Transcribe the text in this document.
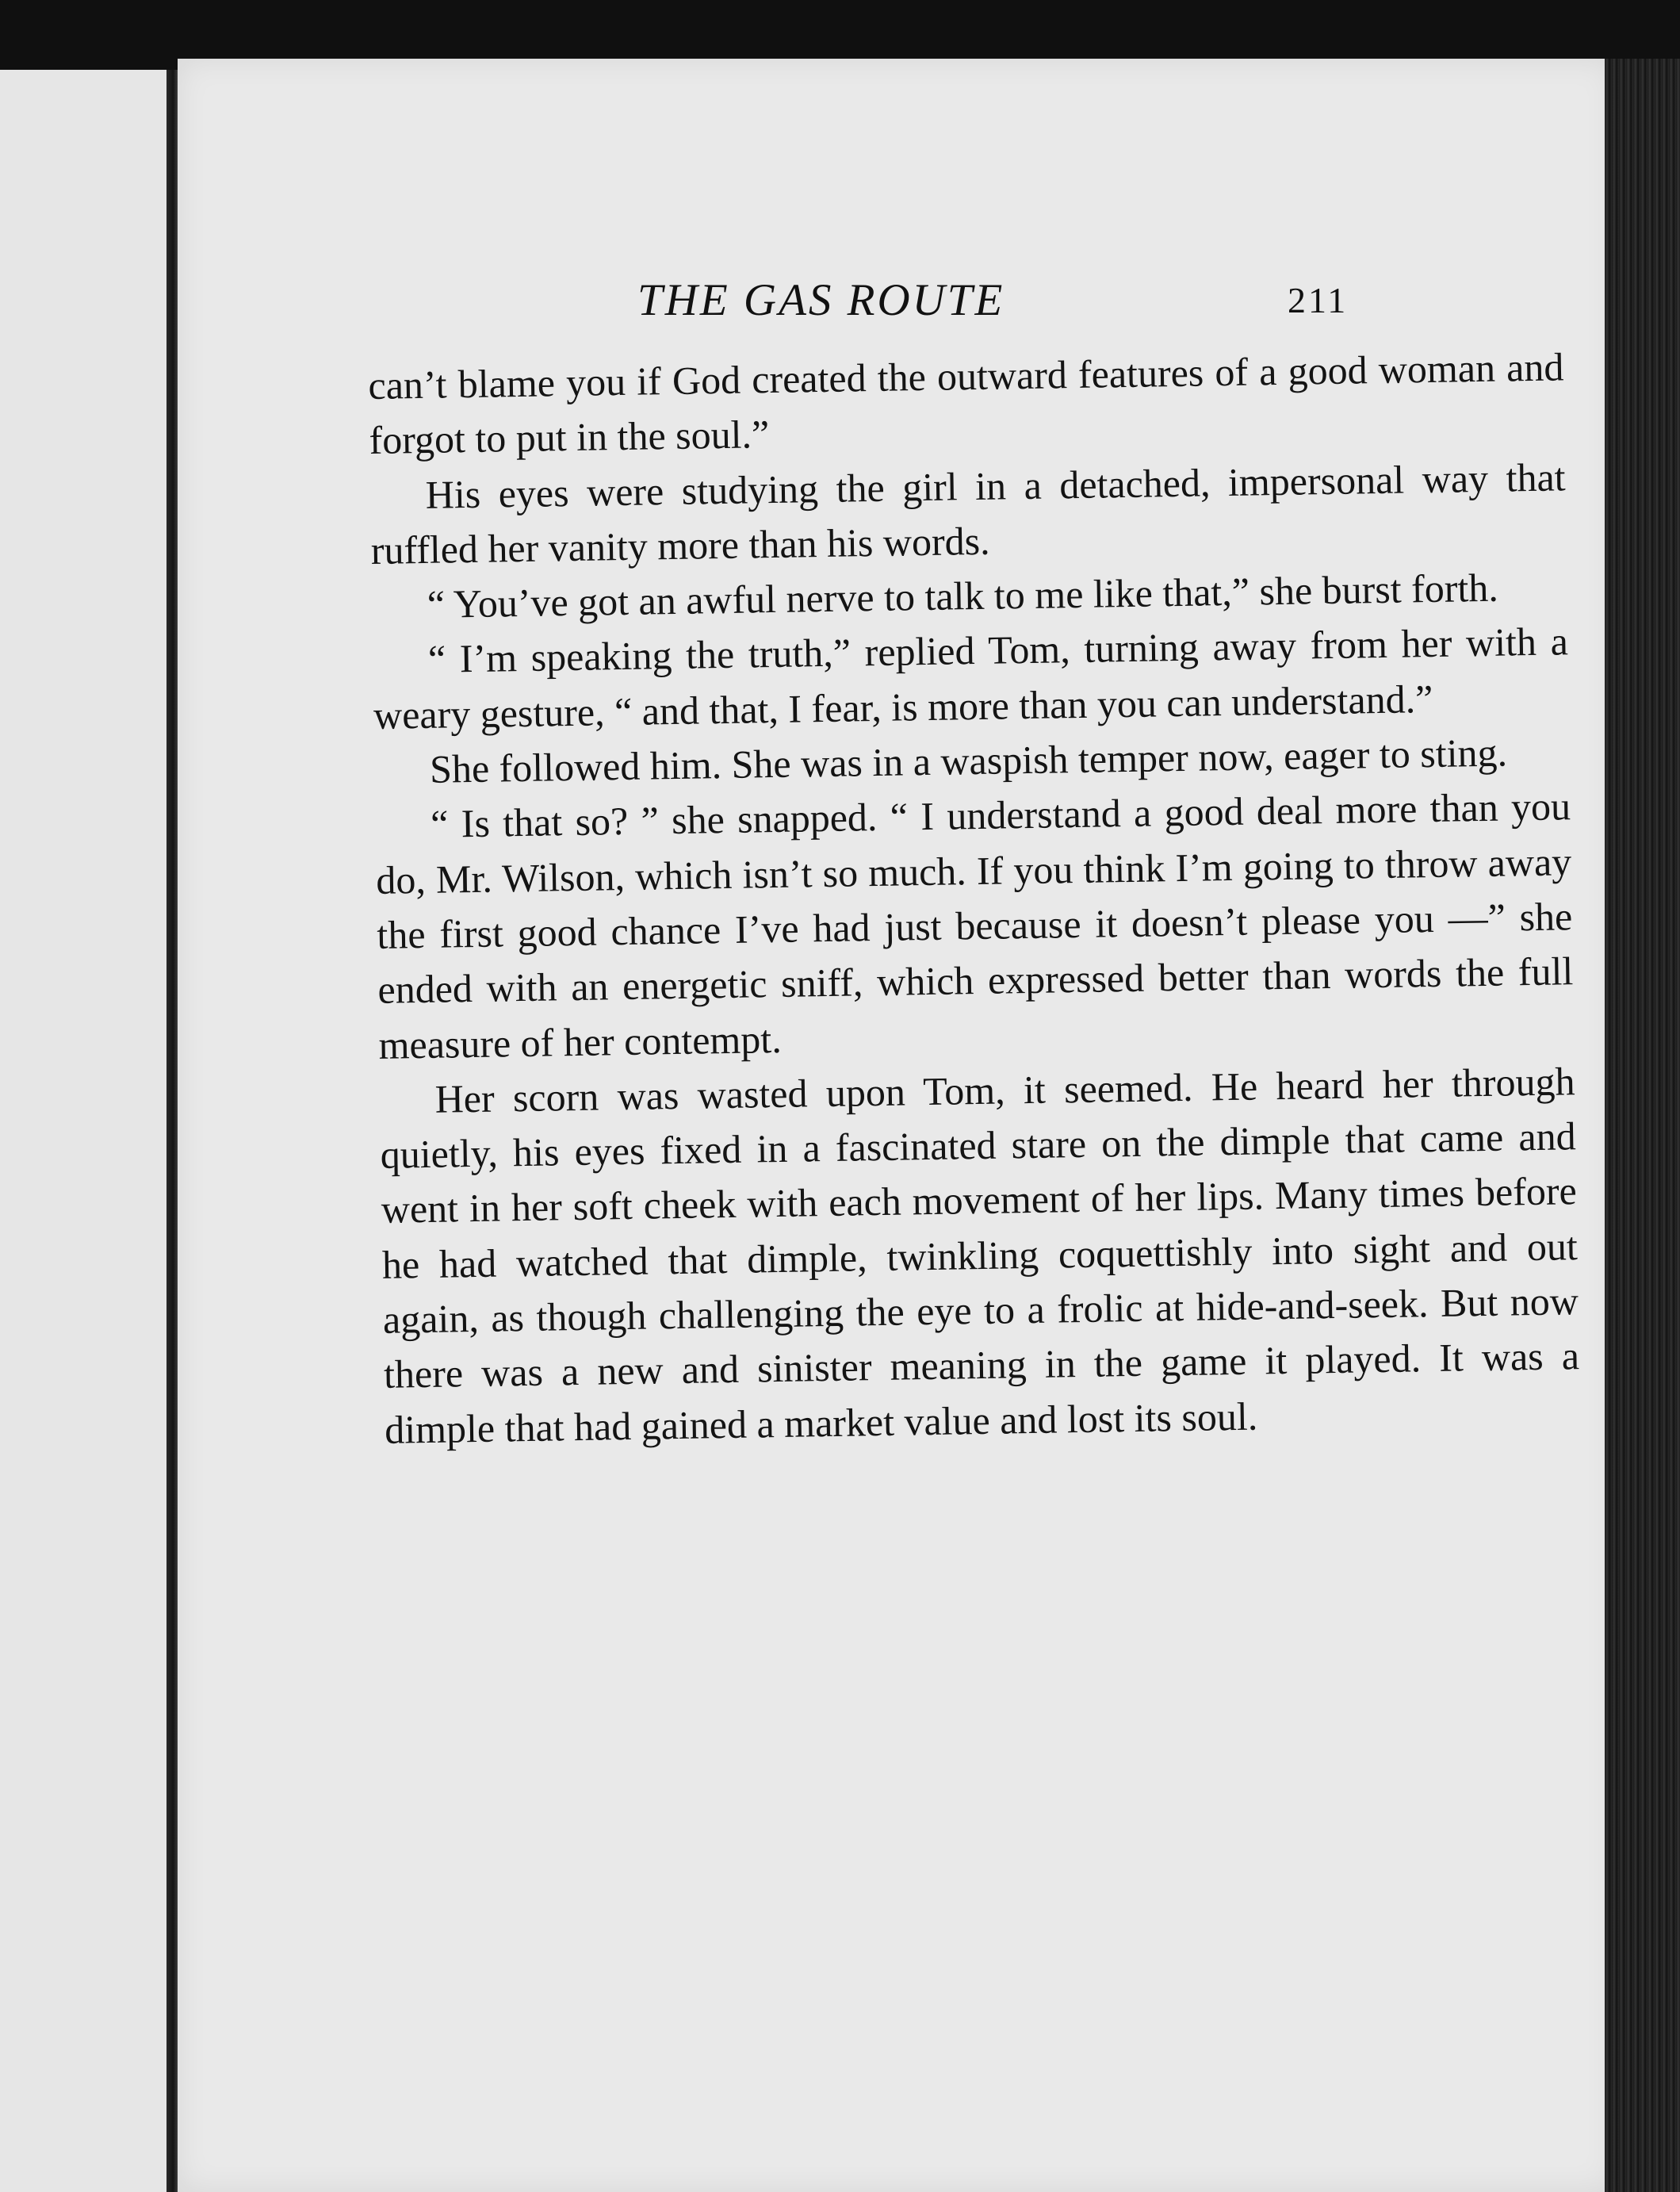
THE GAS ROUTE	211

can’t blame you if God created the outward features of a good woman and forgot to put in the soul.”

His eyes were studying the girl in a detached, impersonal way that ruffled her vanity more than his words.

“ You’ve got an awful nerve to talk to me like that,” she burst forth.

“ I’m speaking the truth,” replied Tom, turning away from her with a weary gesture, “ and that, I fear, is more than you can understand.”

She followed him. She was in a waspish temper now, eager to sting.

“ Is that so? ” she snapped. “ I understand a good deal more than you do, Mr. Wilson, which isn’t so much. If you think I’m going to throw away the first good chance I’ve had just because it doesn’t please you —” she ended with an energetic sniff, which expressed better than words the full measure of her contempt.

Her scorn was wasted upon Tom, it seemed. He heard her through quietly, his eyes fixed in a fascinated stare on the dimple that came and went in her soft cheek with each movement of her lips. Many times before he had watched that dimple, twinkling coquettishly into sight and out again, as though challenging the eye to a frolic at hide-and-seek. But now there was a new and sinister meaning in the game it played. It was a dimple that had gained a market value and lost its soul.
